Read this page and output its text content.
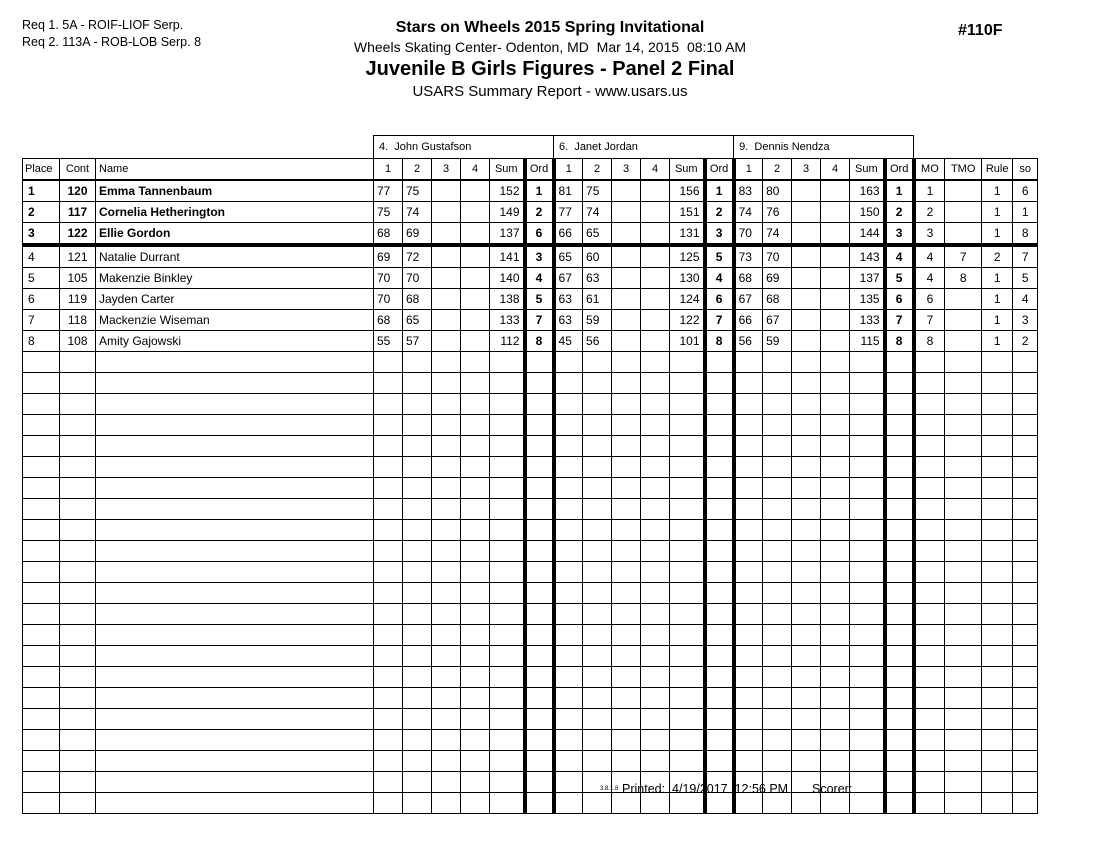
Req 1. 5A - ROIF-LIOF Serp.
Req 2. 113A - ROB-LOB Serp. 8
Stars on Wheels 2015 Spring Invitational
Wheels Skating Center- Odenton, MD  Mar 14, 2015  08:10 AM
Juvenile B Girls Figures - Panel 2 Final
USARS Summary Report - www.usars.us
#110F
			4.  John Gustafson						6.  Janet Jordan						9.  Dennis Nendza									
Place	Cont	Name	1	2	3	4	Sum	Ord	1	2	3	4	Sum	Ord	1	2	3	4	Sum	Ord	MO	TMO	Rule	so
1	120	Emma Tannenbaum	77	75			152	1	81	75			156	1	83	80			163	1	1		1	6
2	117	Cornelia Hetherington	75	74			149	2	77	74			151	2	74	76			150	2	2		1	1
3	122	Ellie Gordon	68	69			137	6	66	65			131	3	70	74			144	3	3		1	8
4	121	Natalie Durrant	69	72			141	3	65	60			125	5	73	70			143	4	4	7	2	7
5	105	Makenzie Binkley	70	70			140	4	67	63			130	4	68	69			137	5	4	8	1	5
6	119	Jayden Carter	70	68			138	5	63	61			124	6	67	68			135	6	6		1	4
7	118	Mackenzie Wiseman	68	65			133	7	63	59			122	7	66	67			133	7	7		1	3
8	108	Amity Gajowski	55	57			112	8	45	56			101	8	56	59			115	8	8		1	2

3.8.1.8 Printed:  4/19/2017  12:56 PM Scorer:
